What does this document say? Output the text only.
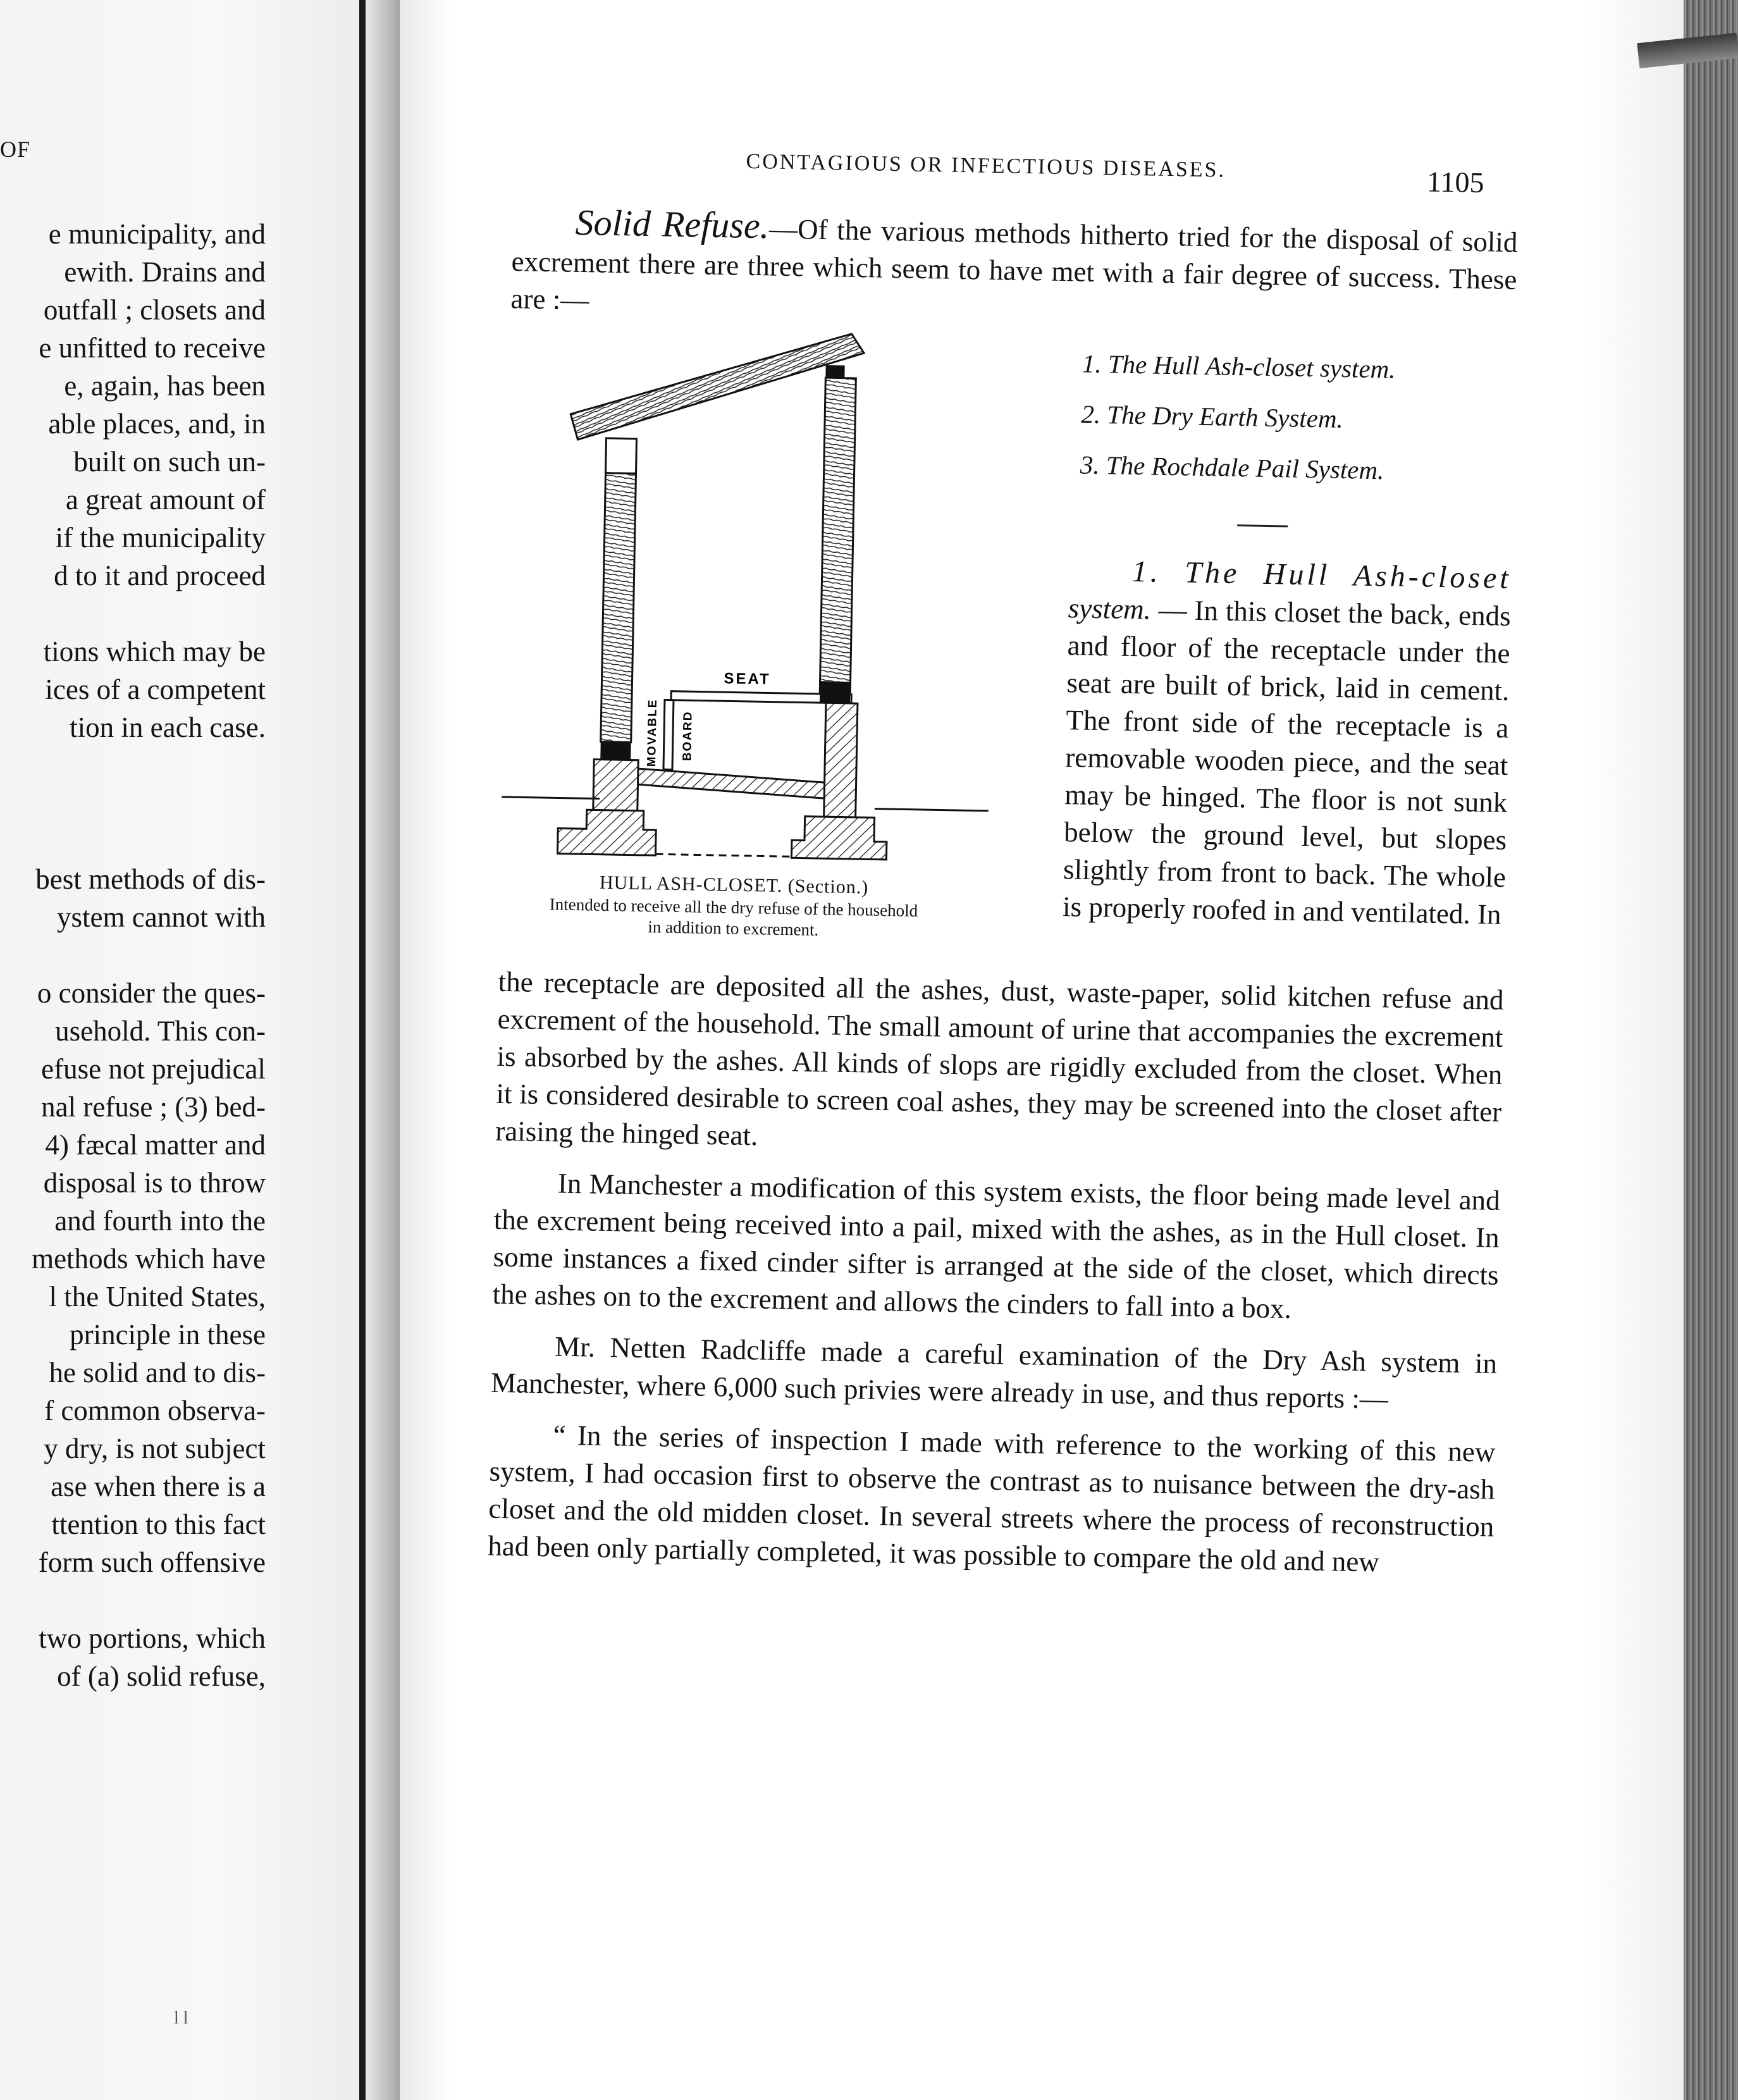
OF
e municipality, and
ewith. Drains and
outfall ; closets and
e unfitted to receive
e, again, has been
able places, and, in
built on such un-
a great amount of
if the municipality
d to it and proceed
tions which may be
ices of a competent
tion in each case.
best methods of dis-
ystem cannot with
o consider the ques-
usehold. This con-
efuse not prejudical
nal refuse ; (3) bed-
4) fæcal matter and
disposal is to throw
and fourth into the
methods which have
l the United States,
principle in these
he solid and to dis-
f common observa-
y dry, is not subject
ase when there is a
ttention to this fact
form such offensive
two portions, which
of (a) solid refuse,
l l
CONTAGIOUS OR INFECTIOUS DISEASES.	1105

Solid Refuse.—Of the various methods hitherto tried for the disposal of solid excrement there are three which seem to have met with a fair degree of success. These are :—

SEAT
MOVABLE BOARD
HULL ASH-CLOSET. (Section.)
Intended to receive all the dry refuse of the household
in addition to excrement.
1. The Hull Ash-closet system.
2. The Dry Earth System.
3. The Rochdale Pail System.

1. The Hull Ash-closet system. — In this closet the back, ends and floor of the receptacle under the seat are built of brick, laid in cement. The front side of the receptacle is a removable wooden piece, and the seat may be hinged. The floor is not sunk below the ground level, but slopes slightly from front to back. The whole is properly roofed in and ventilated. In

the receptacle are deposited all the ashes, dust, waste-paper, solid kitchen refuse and excrement of the household. The small amount of urine that accompanies the excrement is absorbed by the ashes. All kinds of slops are rigidly excluded from the closet. When it is considered desirable to screen coal ashes, they may be screened into the closet after raising the hinged seat.

In Manchester a modification of this system exists, the floor being made level and the excrement being received into a pail, mixed with the ashes, as in the Hull closet. In some instances a fixed cinder sifter is arranged at the side of the closet, which directs the ashes on to the excrement and allows the cinders to fall into a box.

Mr. Netten Radcliffe made a careful examination of the Dry Ash system in Manchester, where 6,000 such privies were already in use, and thus reports :—

“ In the series of inspection I made with reference to the working of this new system, I had occasion first to observe the contrast as to nuisance between the dry-ash closet and the old midden closet. In several streets where the process of reconstruction had been only partially completed, it was possible to compare the old and new
